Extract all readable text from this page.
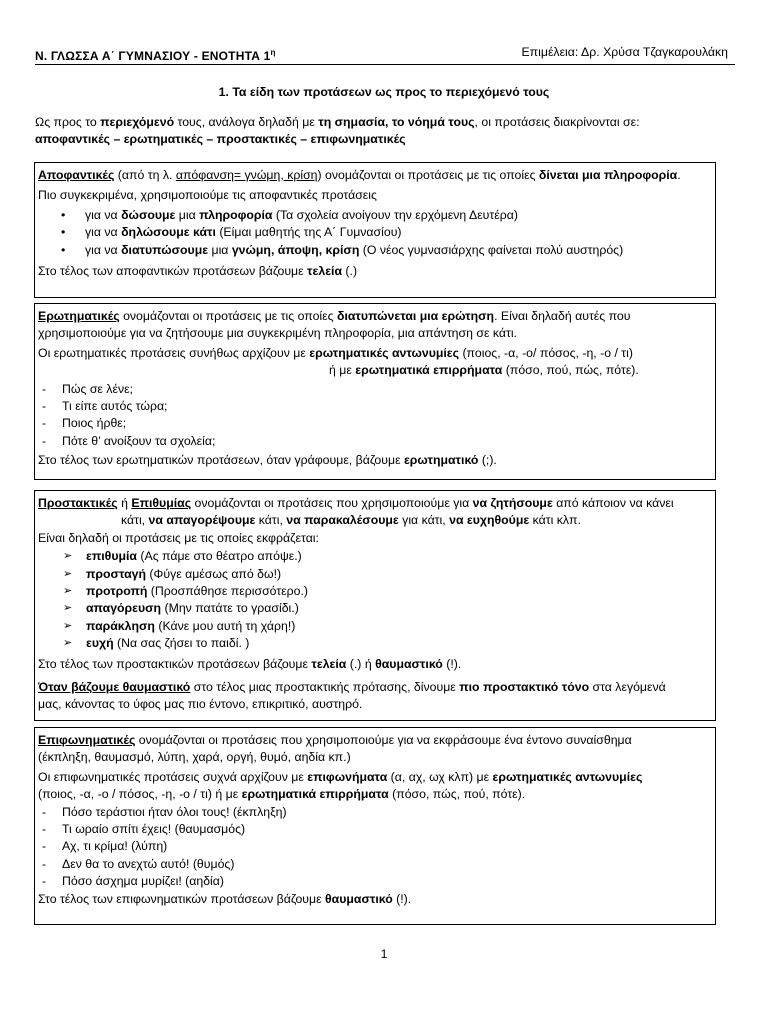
Ν. ΓΛΩΣΣΑ Α΄ ΓΥΜΝΑΣΙΟΥ - ΕΝΟΤΗΤΑ $1^\eta$	Επιμέλεια: Δρ. Χρύσα Τζαγκαρουλάκη
1. Τα είδη των προτάσεων ως προς το περιεχόμενό τους

Ως προς το περιεχόμενό τους, ανάλογα δηλαδή με τη σημασία, το νόημά τους, οι προτάσεις διακρίνονται σε:

αποφαντικές – ερωτηματικές – προστακτικές – επιφωνηματικές

Αποφαντικές (από τη λ. απόφανση= γνώμη, κρίση) ονομάζονται οι προτάσεις με τις οποίες δίνεται μια πληροφορία.

Πιο συγκεκριμένα, χρησιμοποιούμε τις αποφαντικές προτάσεις

• για να δώσουμε μια πληροφορία (Τα σχολεία ανοίγουν την ερχόμενη Δευτέρα)
• για να δηλώσουμε κάτι (Είμαι μαθητής της Α΄ Γυμνασίου)
• για να διατυπώσουμε μια γνώμη, άποψη, κρίση (Ο νέος γυμνασιάρχης φαίνεται πολύ αυστηρός)

Στο τέλος των αποφαντικών προτάσεων βάζουμε τελεία (.)

Ερωτηματικές ονομάζονται οι προτάσεις με τις οποίες διατυπώνεται μια ερώτηση. Είναι δηλαδή αυτές που

χρησιμοποιούμε για να ζητήσουμε μια συγκεκριμένη πληροφορία, μια απάντηση σε κάτι.

Οι ερωτηματικές προτάσεις συνήθως αρχίζουν με ερωτηματικές αντωνυμίες (ποιος, -α, -ο/ πόσος, -η, -ο / τι)

ή με ερωτηματικά επιρρήματα (πόσο, πού, πώς, πότε).

- Πώς σε λένε;
- Τι είπε αυτός τώρα;
- Ποιος ήρθε;
- Πότε θ’ ανοίξουν τα σχολεία;

Στο τέλος των ερωτηματικών προτάσεων, όταν γράφουμε, βάζουμε ερωτηματικό (;).

Προστακτικές ή Επιθυμίας ονομάζονται οι προτάσεις που χρησιμοποιούμε για να ζητήσουμε από κάποιον να κάνει

κάτι, να απαγορέψουμε κάτι, να παρακαλέσουμε για κάτι, να ευχηθούμε κάτι κλπ.

Είναι δηλαδή οι προτάσεις με τις οποίες εκφράζεται:

➢ επιθυμία (Ας πάμε στο θέατρο απόψε.)
➢ προσταγή (Φύγε αμέσως από δω!)
➢ προτροπή (Προσπάθησε περισσότερο.)
➢ απαγόρευση (Μην πατάτε το γρασίδι.)
➢ παράκληση (Κάνε μου αυτή τη χάρη!)
➢ ευχή (Να σας ζήσει το παιδί. )

Στο τέλος των προστακτικών προτάσεων βάζουμε τελεία (.) ή θαυμαστικό (!).

Όταν βάζουμε θαυμαστικό στο τέλος μιας προστακτικής πρότασης, δίνουμε πιο προστακτικό τόνο στα λεγόμενά

μας, κάνοντας το ύφος μας πιο έντονο, επικριτικό, αυστηρό.

Επιφωνηματικές ονομάζονται οι προτάσεις που χρησιμοποιούμε για να εκφράσουμε ένα έντονο συναίσθημα

(έκπληξη, θαυμασμό, λύπη, χαρά, οργή, θυμό, αηδία κπ.)

Οι επιφωνηματικές προτάσεις συχνά αρχίζουν με επιφωνήματα (α, αχ, ωχ κλπ) με ερωτηματικές αντωνυμίες

(ποιος, -α, -ο / πόσος, -η, -ο / τι) ή με ερωτηματικά επιρρήματα (πόσο, πώς, πού, πότε).

- Πόσο τεράστιοι ήταν όλοι τους! (έκπληξη)
- Τι ωραίο σπίτι έχεις! (θαυμασμός)
- Αχ, τι κρίμα! (λύπη)
- Δεν θα το ανεχτώ αυτό! (θυμός)
- Πόσο άσχημα μυρίζει! (αηδία)

Στο τέλος των επιφωνηματικών προτάσεων βάζουμε θαυμαστικό (!).

1
